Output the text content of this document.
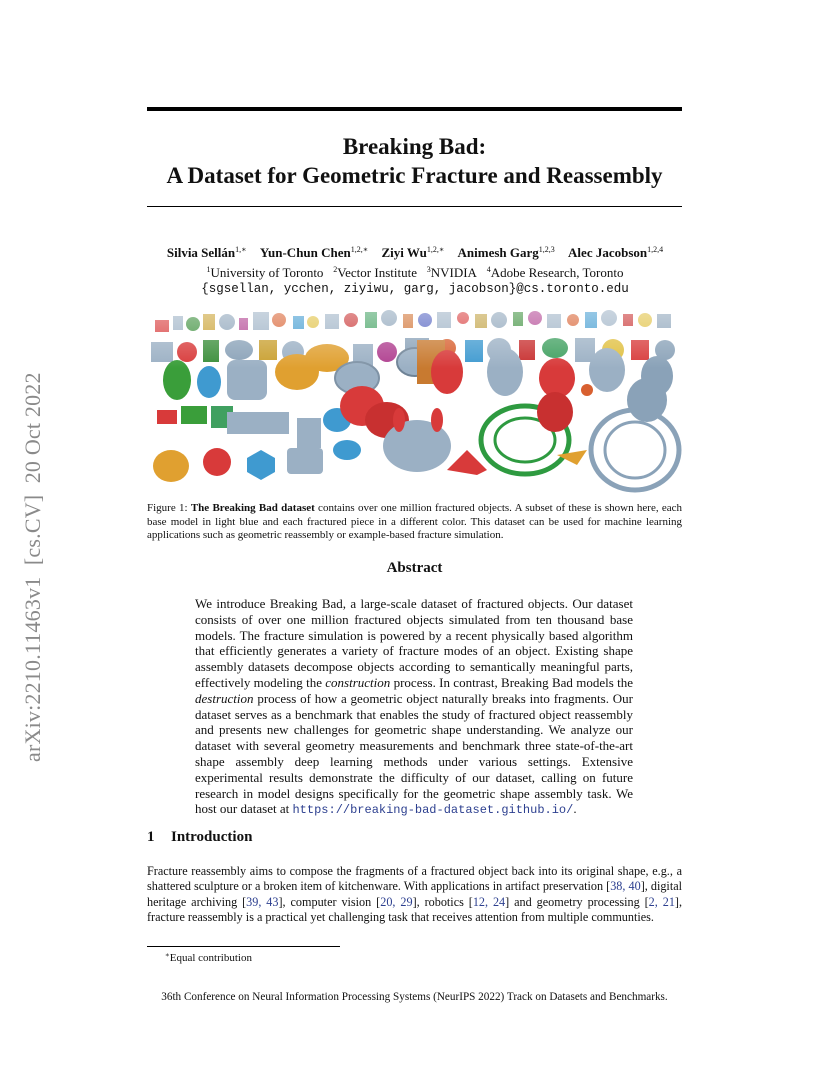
arXiv:2210.11463v1  [cs.CV]  20 Oct 2022
Breaking Bad:
A Dataset for Geometric Fracture and Reassembly
Silvia Sellán$^{1,∗}$ Yun-Chun Chen$^{1,2,∗}$ Ziyi $Wu^{1,2,∗}$ Animesh Garg$^{1,2,3}$ Alec Jacobson$^{1,2,4}$
$^1$University of Toronto $^2$Vector Institute $^3$NVIDIA $^4$Adobe Research, Toronto
{sgsellan, ycchen, ziyiwu, garg, jacobson}@cs.toronto.edu
Figure 1: The Breaking Bad dataset contains over one million fractured objects. A subset of these is shown here, each base model in light blue and each fractured piece in a different color. This dataset can be used for machine learning applications such as geometric reassembly or example-based fracture simulation.
Abstract
We introduce Breaking Bad, a large-scale dataset of fractured objects. Our dataset consists of over one million fractured objects simulated from ten thousand base models. The fracture simulation is powered by a recent physically based algorithm that efficiently generates a variety of fracture modes of an object. Existing shape assembly datasets decompose objects according to semantically meaningful parts, effectively modeling the construction process. In contrast, Breaking Bad models the destruction process of how a geometric object naturally breaks into fragments. Our dataset serves as a benchmark that enables the study of fractured object reassembly and presents new challenges for geometric shape understanding. We analyze our dataset with several geometry measurements and benchmark three state-of-the-art shape assembly deep learning methods under various settings. Extensive experimental results demonstrate the difficulty of our dataset, calling on future research in model designs specifically for the geometric shape assembly task. We host our dataset at https://breaking-bad-dataset.github.io/.
1 Introduction
Fracture reassembly aims to compose the fragments of a fractured object back into its original shape, e.g., a shattered sculpture or a broken item of kitchenware. With applications in artifact preservation [38, 40], digital heritage archiving [39, 43], computer vision [20, 29], robotics [12, 24] and geometry processing [2, 21], fracture reassembly is a practical yet challenging task that receives attention from multiple communties.
∗Equal contribution
36th Conference on Neural Information Processing Systems (NeurIPS 2022) Track on Datasets and Benchmarks.
